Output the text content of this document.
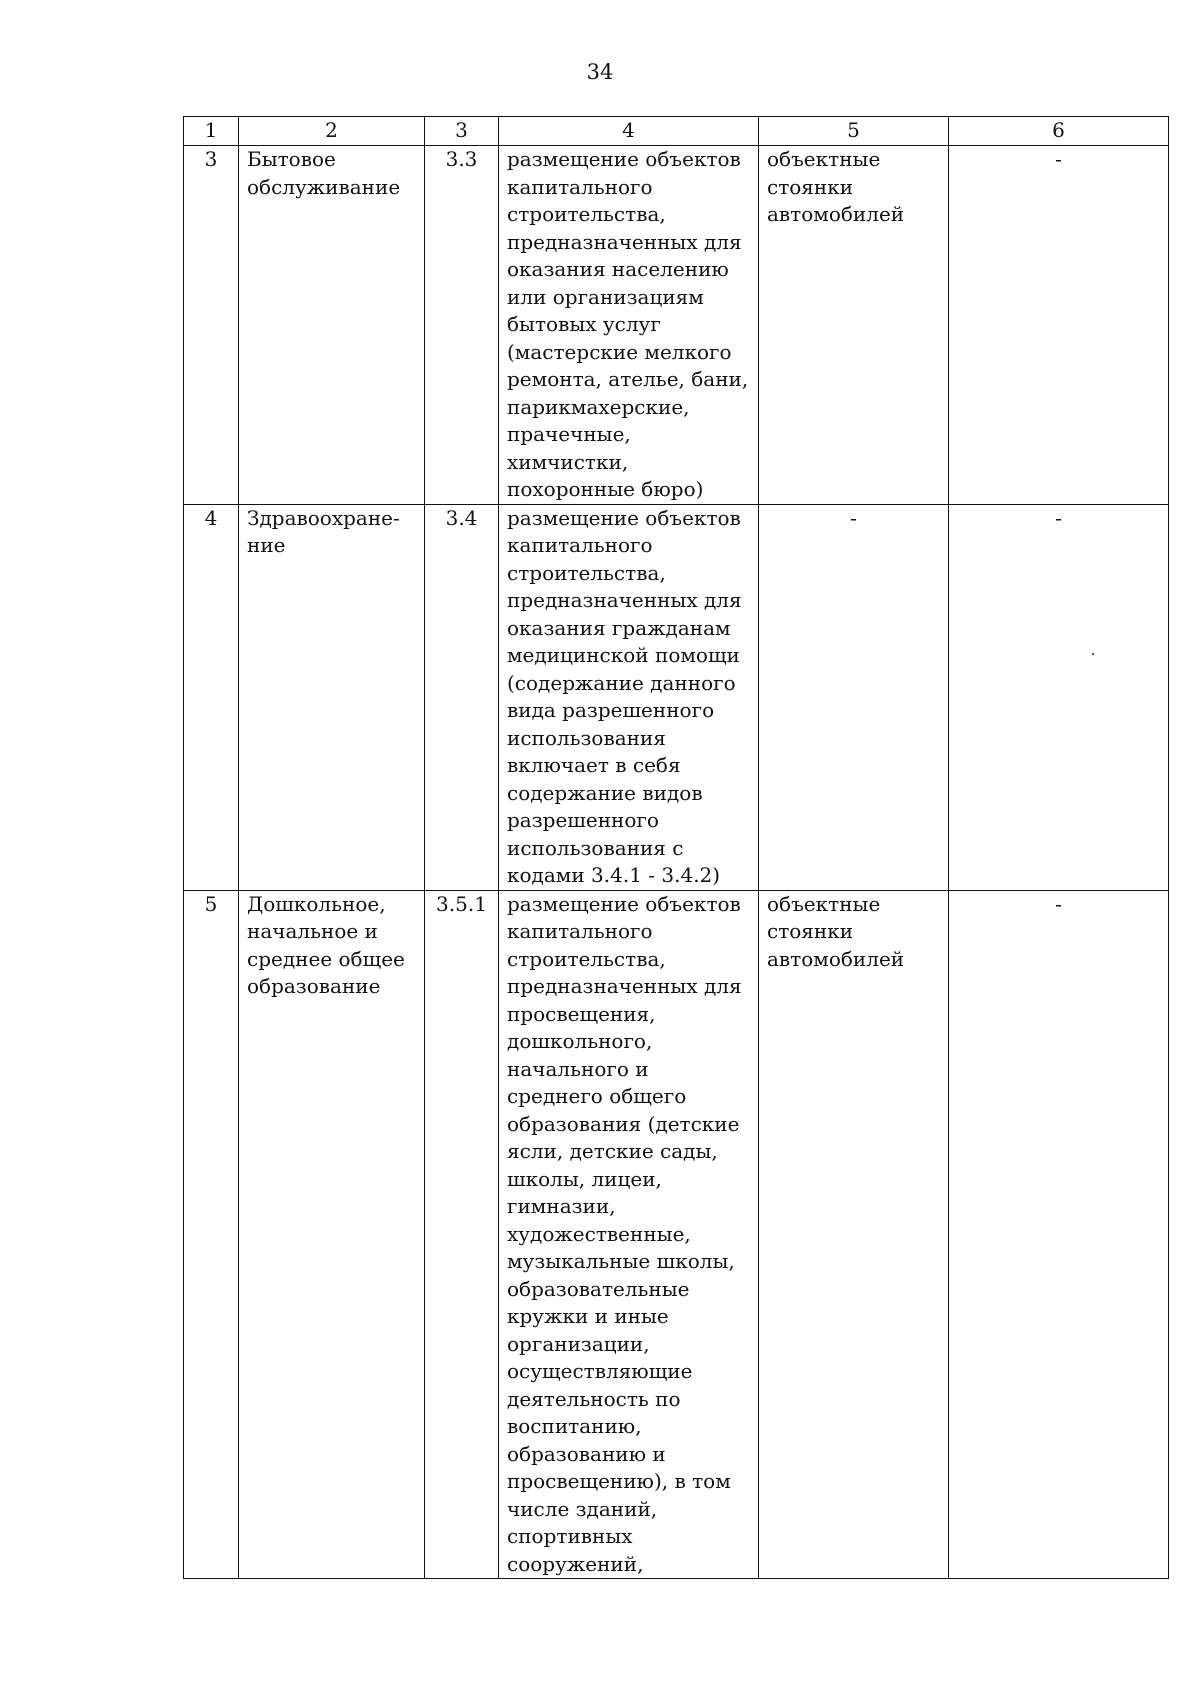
34
1	2	3	4	5	6
3	Бытовое обслуживание	3.3	размещение объектов капитального строительства, предназначенных для оказания населению или организациям бытовых услуг (мастерские мелкого ремонта, ателье, бани, парикмахерские, прачечные, химчистки, похоронные бюро)	объектные стоянки автомобилей	-
4	Здравоохране- ние	3.4	размещение объектов капитального строительства, предназначенных для оказания гражданам медицинской помощи (содержание данного вида разрешенного использования включает в себя содержание видов разрешенного использования с кодами 3.4.1 - 3.4.2)	-	-
5	Дошкольное, начальное и среднее общее образование	3.5.1	размещение объектов капитального строительства, предназначенных для просвещения, дошкольного, начального и среднего общего образования (детские ясли, детские сады, школы, лицеи, гимназии, художественные, музыкальные школы, образовательные кружки и иные организации, осуществляющие деятельность по воспитанию, образованию и просвещению), в том числе зданий, спортивных сооружений,	объектные стоянки автомобилей	-
